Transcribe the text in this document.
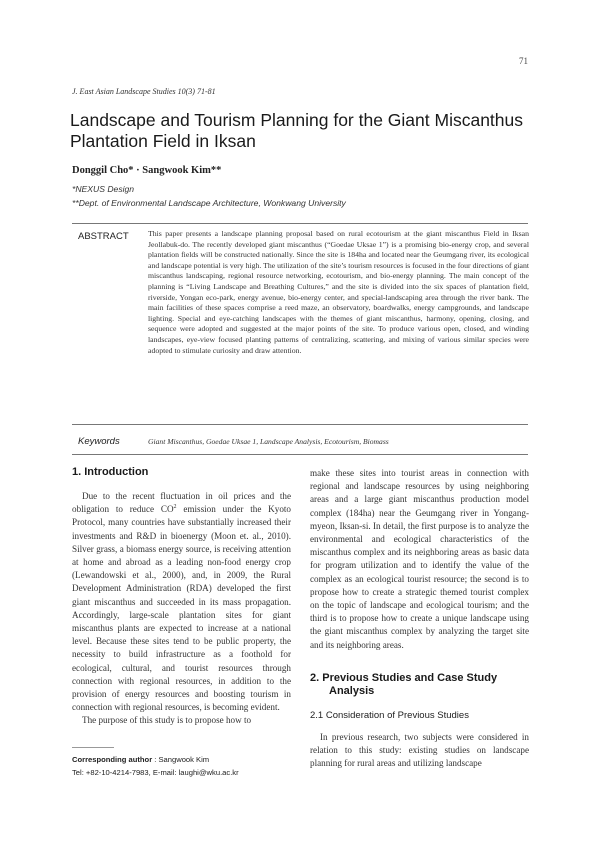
71
J. East Asian Landscape Studies 10(3) 71-81
Landscape and Tourism Planning for the Giant Miscanthus Plantation Field in Iksan
Donggil Cho* · Sangwook Kim**
*NEXUS Design
**Dept. of Environmental Landscape Architecture, Wonkwang University
ABSTRACT This paper presents a landscape planning proposal based on rural ecotourism at the giant miscanthus Field in Iksan Jeollabuk-do. The recently developed giant miscanthus (“Goedae Uksae 1”) is a promising bio-energy crop, and several plantation fields will be constructed nationally. Since the site is 184ha and located near the Geumgang river, its ecological and landscape potential is very high. The utilization of the site’s tourism resources is focused in the four directions of giant miscanthus landscaping, regional resource networking, ecotourism, and bio-energy planning. The main concept of the planning is “Living Landscape and Breathing Cultures,” and the site is divided into the six spaces of plantation field, riverside, Yongan eco-park, energy avenue, bio-energy center, and special-landscaping area through the river bank. The main facilities of these spaces comprise a reed maze, an observatory, boardwalks, energy campgrounds, and landscape lighting. Special and eye-catching landscapes with the themes of giant miscanthus, harmony, opening, closing, and sequence were adopted and suggested at the major points of the site. To produce various open, closed, and winding landscapes, eye-view focused planting patterns of centralizing, scattering, and mixing of various similar species were adopted to stimulate curiosity and draw attention.

Keywords	Giant Miscanthus, Goedae Uksae 1, Landscape Analysis, Ecotourism, Biomass
1. Introduction

Due to the recent fluctuation in oil prices and the obligation to reduce $CO^2$ emission under the Kyoto Protocol, many countries have substantially increased their investments and R&D in bioenergy (Moon et. al., 2010). Silver grass, a biomass energy source, is receiving attention at home and abroad as a leading non-food energy crop (Lewandowski et al., 2000), and, in 2009, the Rural Development Administration (RDA) developed the first giant miscanthus and succeeded in its mass propagation. Accordingly, large-scale plantation sites for giant miscanthus plants are expected to increase at a national level. Because these sites tend to be public property, the necessity to build infrastructure as a foothold for ecological, cultural, and tourist resources through connection with regional resources, in addition to the provision of energy resources and boosting tourism in connection with regional resources, is becoming evident.

The purpose of this study is to propose how to

make these sites into tourist areas in connection with regional and landscape resources by using neighboring areas and a large giant miscanthus production model complex (184ha) near the Geumgang river in Yongang-myeon, Iksan-si. In detail, the first purpose is to analyze the environmental and ecological characteristics of the miscanthus complex and its neighboring areas as basic data for program utilization and to identify the value of the complex as an ecological tourist resource; the second is to propose how to create a strategic themed tourist complex on the topic of landscape and ecological tourism; and the third is to propose how to create a unique landscape using the giant miscanthus complex by analyzing the target site and its neighboring areas.

2. Previous Studies and Case Study
Analysis
2.1 Consideration of Previous Studies

In previous research, two subjects were considered in relation to this study: existing studies on landscape planning for rural areas and utilizing landscape

Corresponding author : Sangwook Kim
Tel: +82-10-4214-7983, E-mail: laughi@wku.ac.kr
